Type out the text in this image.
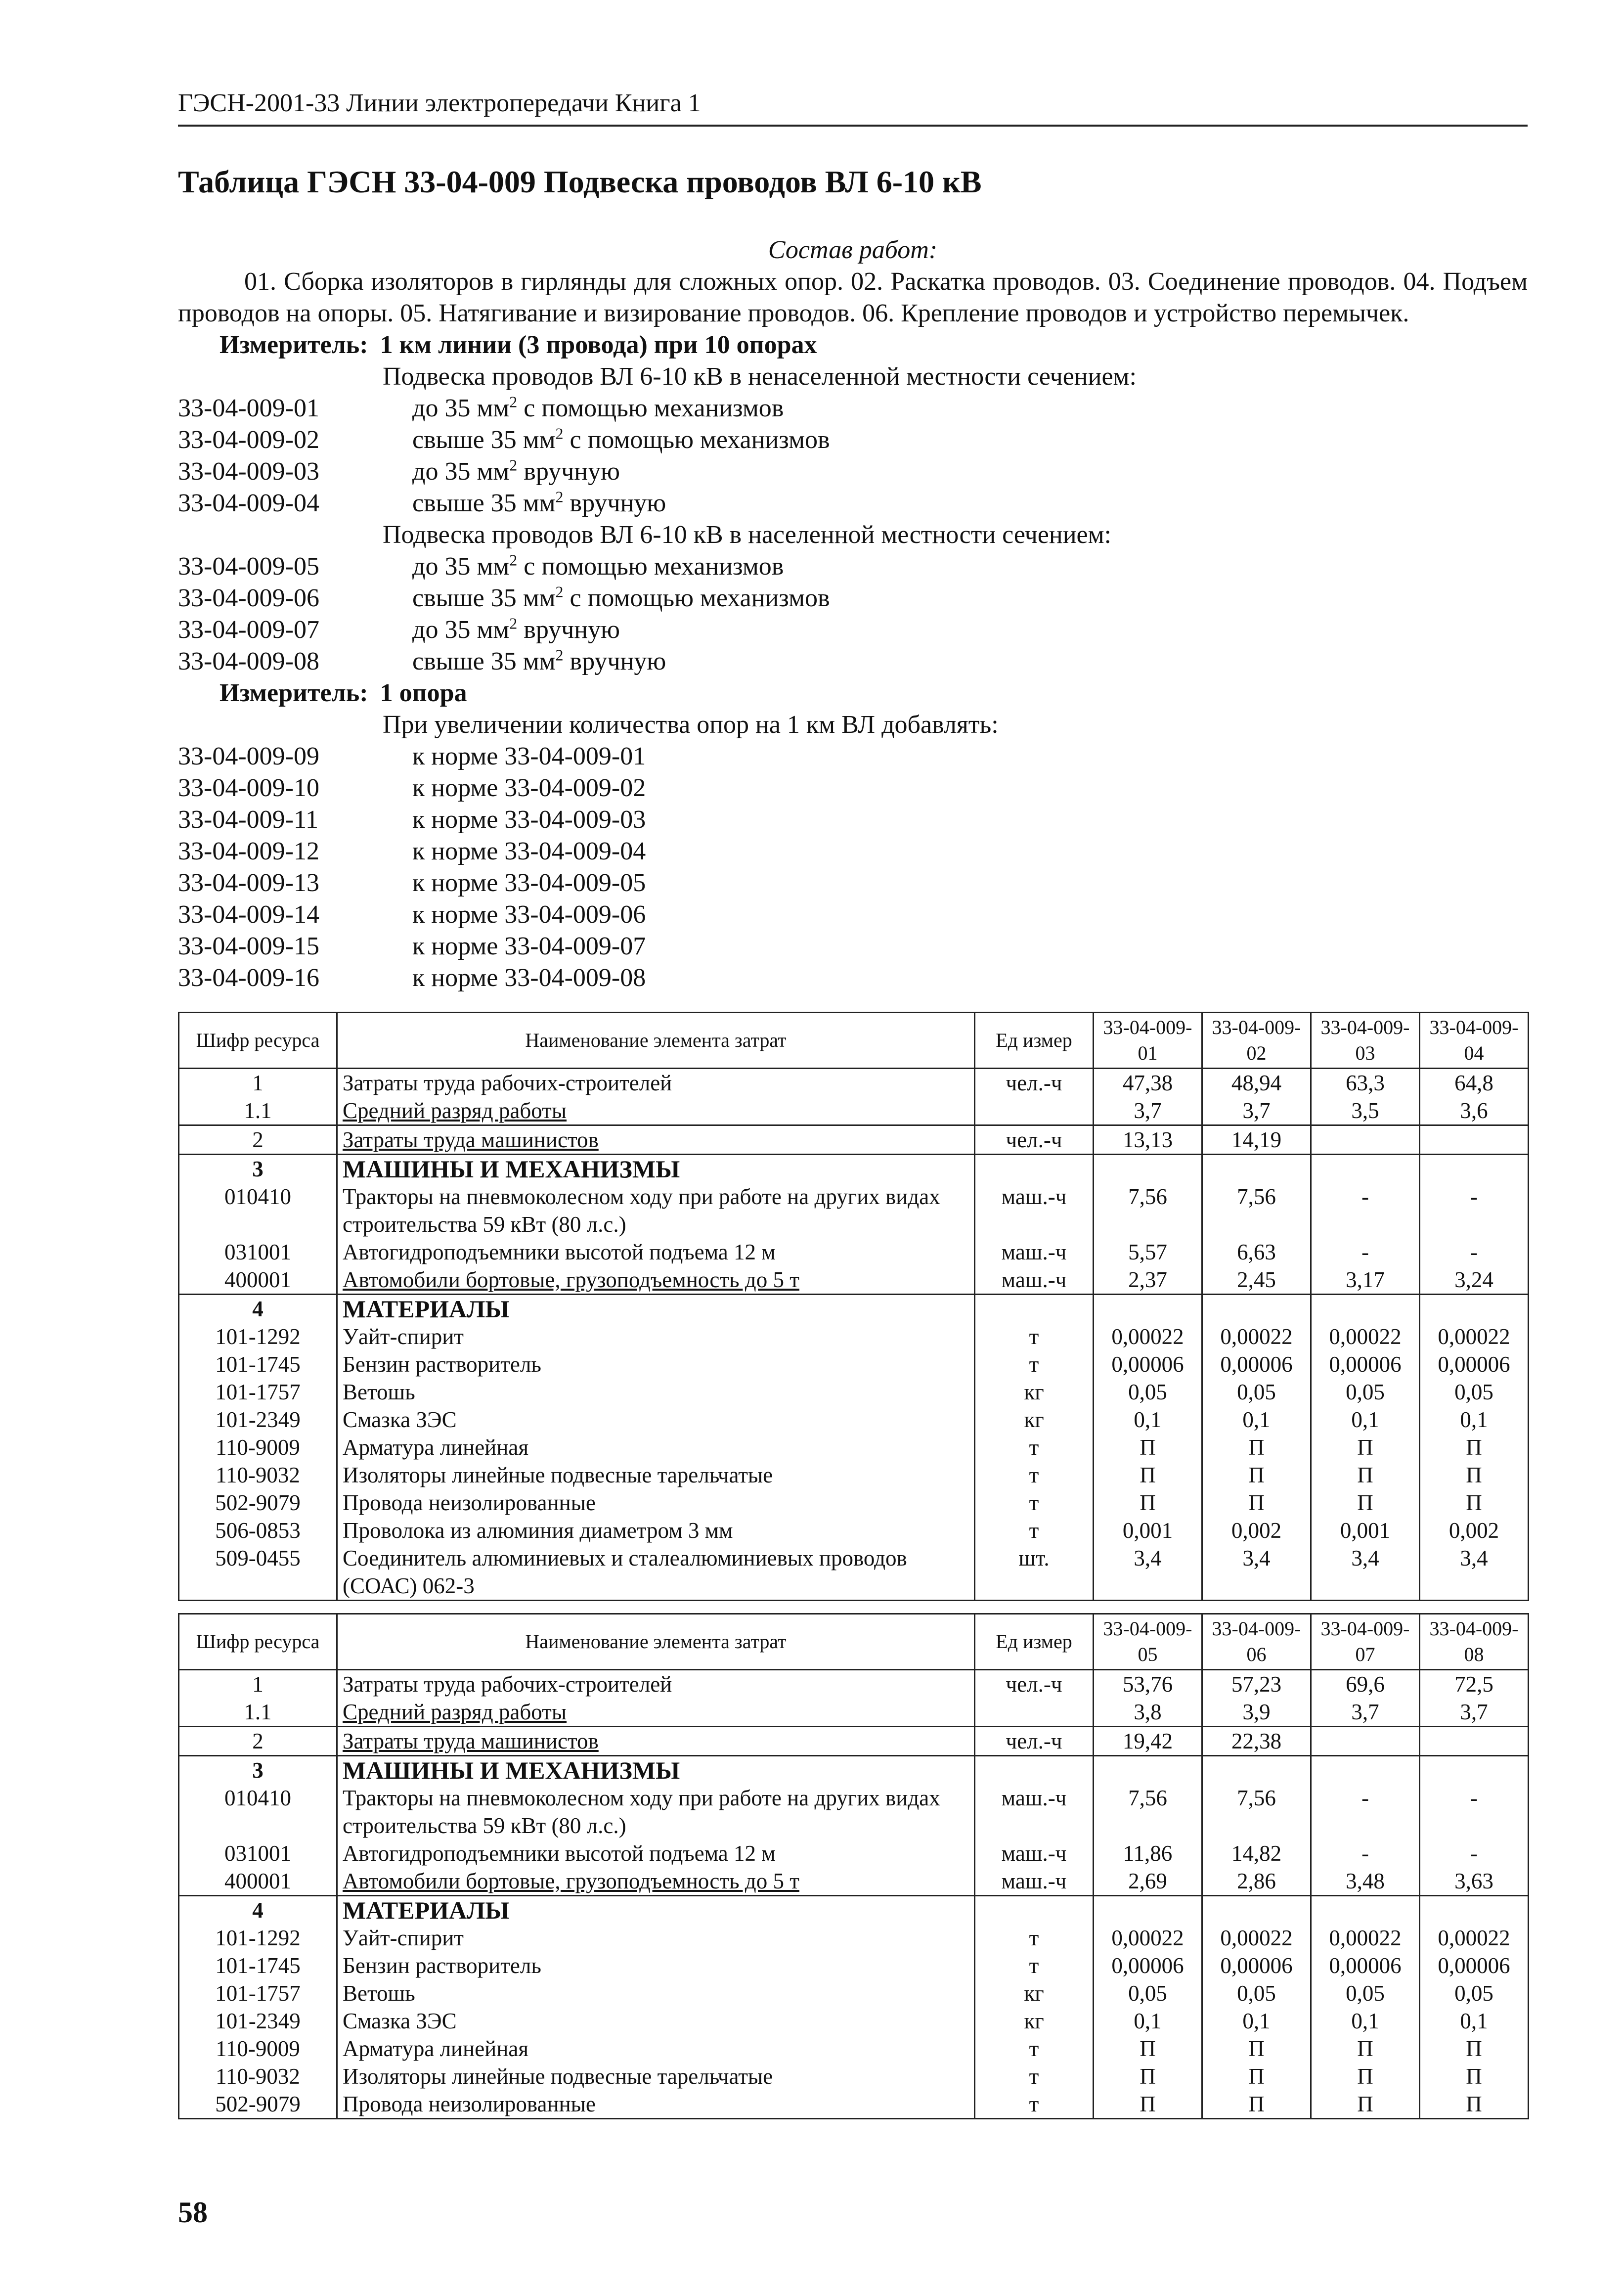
ГЭСН-2001-33 Линии электропередачи Книга 1
Таблица ГЭСН 33-04-009 Подвеска проводов ВЛ 6-10 кВ
Состав работ:

01. Сборка изоляторов в гирлянды для сложных опор. 02. Раскатка проводов. 03. Соединение проводов. 04. Подъем проводов на опоры. 05. Натягивание и визирование проводов. 06. Крепление проводов и устройство перемычек.

Измеритель: 1 км линии (3 провода) при 10 опорах
Подвеска проводов ВЛ 6-10 кВ в ненаселенной местности сечением:
33-04-009-01	до 35 $мм^2$ с помощью механизмов
33-04-009-02	свыше 35 $мм^2$ с помощью механизмов
33-04-009-03	до 35 $мм^2$ вручную
33-04-009-04	свыше 35 $мм^2$ вручную
Подвеска проводов ВЛ 6-10 кВ в населенной местности сечением:
33-04-009-05	до 35 $мм^2$ с помощью механизмов
33-04-009-06	свыше 35 $мм^2$ с помощью механизмов
33-04-009-07	до 35 $мм^2$ вручную
33-04-009-08	свыше 35 $мм^2$ вручную
Измеритель: 1 опора
При увеличении количества опор на 1 км ВЛ добавлять:
33-04-009-09	к норме 33-04-009-01
33-04-009-10	к норме 33-04-009-02
33-04-009-11	к норме 33-04-009-03
33-04-009-12	к норме 33-04-009-04
33-04-009-13	к норме 33-04-009-05
33-04-009-14	к норме 33-04-009-06
33-04-009-15	к норме 33-04-009-07
33-04-009-16	к норме 33-04-009-08
Шифр ресурса	Наименование элемента затрат	Ед измер	33-04-009-01	33-04-009-02	33-04-009-03	33-04-009-04
1	Затраты труда рабочих-строителей	чел.-ч	47,38	48,94	63,3	64,8
1.1	Средний разряд работы		3,7	3,7	3,5	3,6
2	Затраты труда машинистов	чел.-ч	13,13	14,19		
3	МАШИНЫ И МЕХАНИЗМЫ					
010410	Тракторы на пневмоколесном ходу при работе на других видах строительства 59 кВт (80 л.с.)	маш.-ч	7,56	7,56	-	-
031001	Автогидроподъемники высотой подъема 12 м	маш.-ч	5,57	6,63	-	-
400001	Автомобили бортовые, грузоподъемность до 5 т	маш.-ч	2,37	2,45	3,17	3,24
4	МАТЕРИАЛЫ					
101-1292	Уайт-спирит	т	0,00022	0,00022	0,00022	0,00022
101-1745	Бензин растворитель	т	0,00006	0,00006	0,00006	0,00006
101-1757	Ветошь	кг	0,05	0,05	0,05	0,05
101-2349	Смазка ЗЭС	кг	0,1	0,1	0,1	0,1
110-9009	Арматура линейная	т	П	П	П	П
110-9032	Изоляторы линейные подвесные тарельчатые	т	П	П	П	П
502-9079	Провода неизолированные	т	П	П	П	П
506-0853	Проволока из алюминия диаметром 3 мм	т	0,001	0,002	0,001	0,002
509-0455	Соединитель алюминиевых и сталеалюминиевых проводов (СОАС) 062-3	шт.	3,4	3,4	3,4	3,4
Шифр ресурса	Наименование элемента затрат	Ед измер	33-04-009-05	33-04-009-06	33-04-009-07	33-04-009-08
1	Затраты труда рабочих-строителей	чел.-ч	53,76	57,23	69,6	72,5
1.1	Средний разряд работы		3,8	3,9	3,7	3,7
2	Затраты труда машинистов	чел.-ч	19,42	22,38		
3	МАШИНЫ И МЕХАНИЗМЫ					
010410	Тракторы на пневмоколесном ходу при работе на других видах строительства 59 кВт (80 л.с.)	маш.-ч	7,56	7,56	-	-
031001	Автогидроподъемники высотой подъема 12 м	маш.-ч	11,86	14,82	-	-
400001	Автомобили бортовые, грузоподъемность до 5 т	маш.-ч	2,69	2,86	3,48	3,63
4	МАТЕРИАЛЫ					
101-1292	Уайт-спирит	т	0,00022	0,00022	0,00022	0,00022
101-1745	Бензин растворитель	т	0,00006	0,00006	0,00006	0,00006
101-1757	Ветошь	кг	0,05	0,05	0,05	0,05
101-2349	Смазка ЗЭС	кг	0,1	0,1	0,1	0,1
110-9009	Арматура линейная	т	П	П	П	П
110-9032	Изоляторы линейные подвесные тарельчатые	т	П	П	П	П
502-9079	Провода неизолированные	т	П	П	П	П
58
